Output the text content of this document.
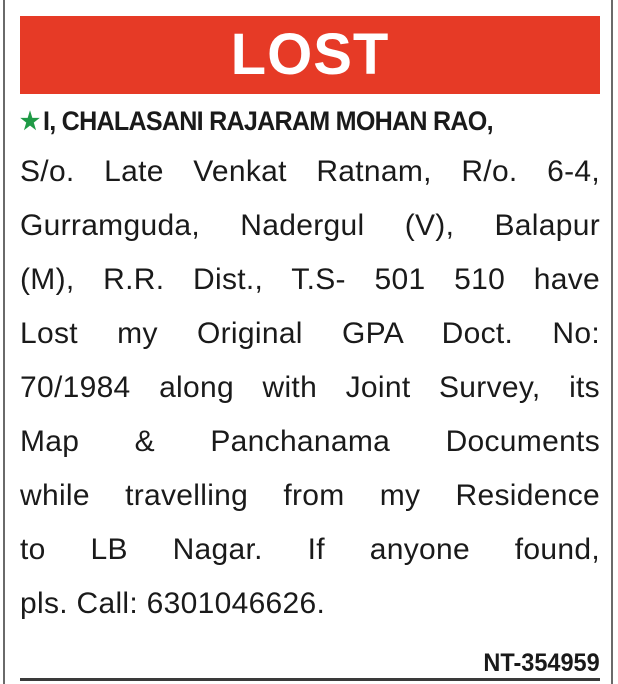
LOST
★ I, CHALASANI RAJARAM MOHAN RAO,
S/o. Late Venkat Ratnam, R/o. 6-4,
Gurramguda, Nadergul (V), Balapur
(M), R.R. Dist., T.S- 501 510 have
Lost my Original GPA Doct. No:
70/1984 along with Joint Survey, its
Map & Panchanama Documents
while travelling from my Residence
to LB Nagar. If anyone found,
pls. Call: 6301046626.
NT-354959
